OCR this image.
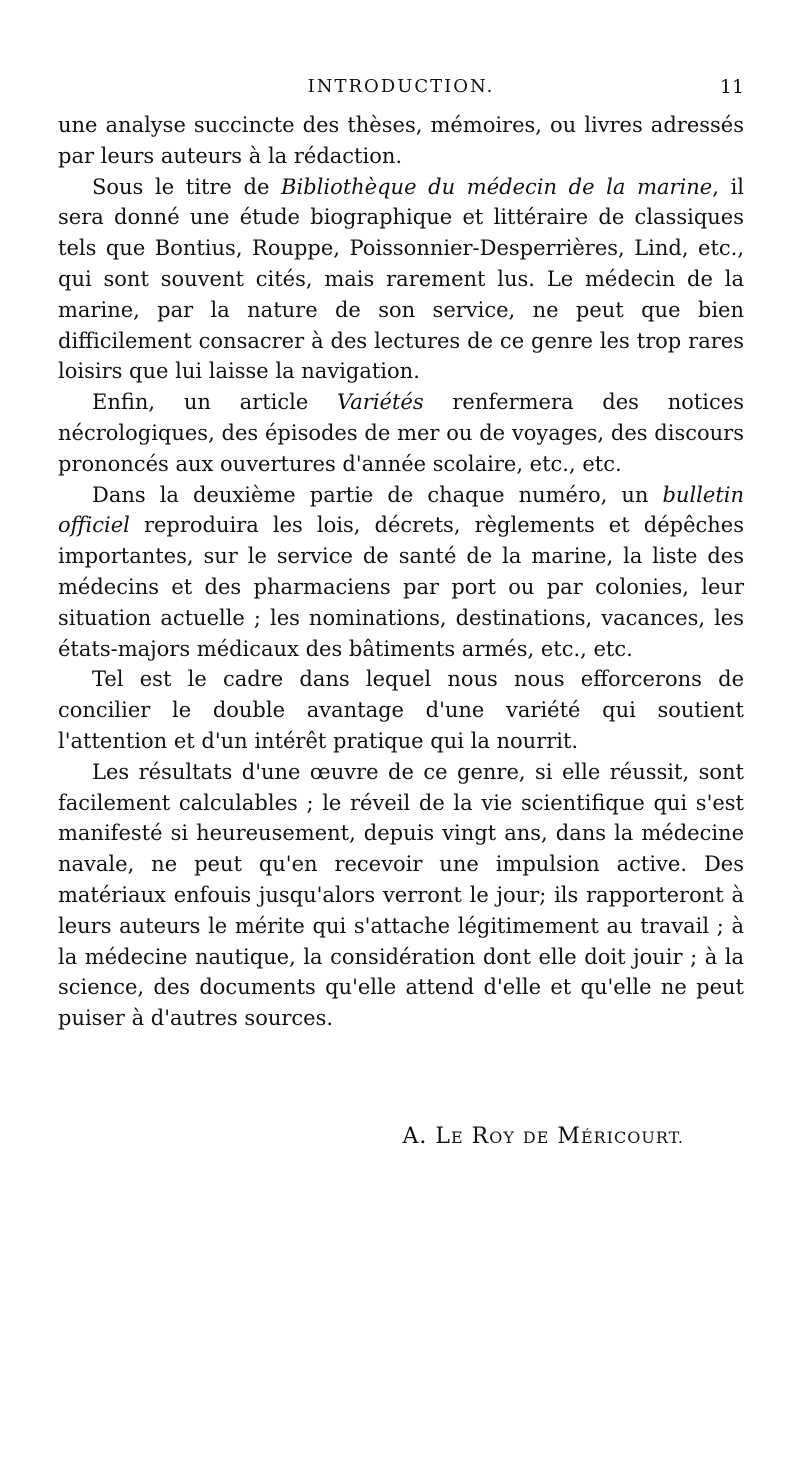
INTRODUCTION.	11

une analyse succincte des thèses, mémoires, ou livres adressés par leurs auteurs à la rédaction.

Sous le titre de Bibliothèque du médecin de la marine, il sera donné une étude biographique et littéraire de classiques tels que Bontius, Rouppe, Poissonnier-Desperrières, Lind, etc., qui sont souvent cités, mais rarement lus. Le médecin de la marine, par la nature de son service, ne peut que bien difficilement consacrer à des lectures de ce genre les trop rares loisirs que lui laisse la navigation.

Enfin, un article Variétés renfermera des notices nécrologiques, des épisodes de mer ou de voyages, des discours prononcés aux ouvertures d'année scolaire, etc., etc.

Dans la deuxième partie de chaque numéro, un bulletin officiel reproduira les lois, décrets, règlements et dépêches importantes, sur le service de santé de la marine, la liste des médecins et des pharmaciens par port ou par colonies, leur situation actuelle ; les nominations, destinations, vacances, les états-majors médicaux des bâtiments armés, etc., etc.

Tel est le cadre dans lequel nous nous efforcerons de concilier le double avantage d'une variété qui soutient l'attention et d'un intérêt pratique qui la nourrit.

Les résultats d'une œuvre de ce genre, si elle réussit, sont facilement calculables ; le réveil de la vie scientifique qui s'est manifesté si heureusement, depuis vingt ans, dans la médecine navale, ne peut qu'en recevoir une impulsion active. Des matériaux enfouis jusqu'alors verront le jour; ils rapporteront à leurs auteurs le mérite qui s'attache légitimement au travail ; à la médecine nautique, la considération dont elle doit jouir ; à la science, des documents qu'elle attend d'elle et qu'elle ne peut puiser à d'autres sources.

A. LE ROY DE MÉRICOURT.
